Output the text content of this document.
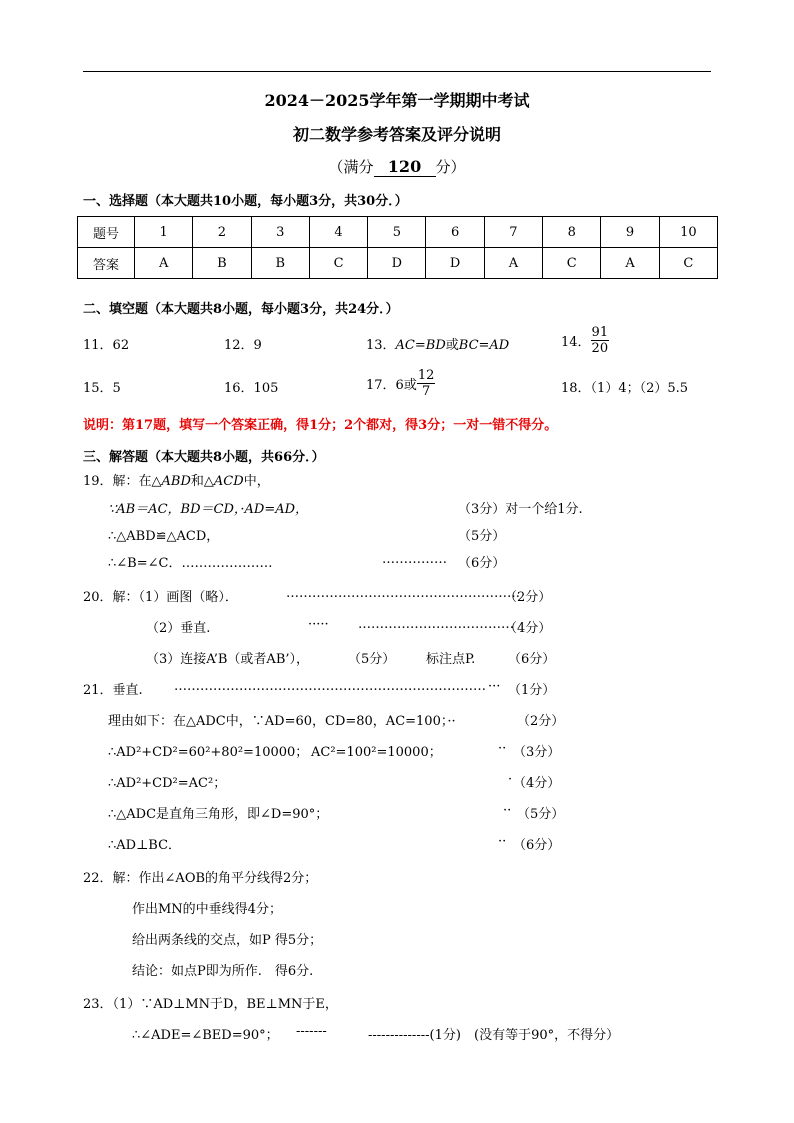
2024－2025学年第一学期期中考试
初二数学参考答案及评分说明
（满分 120 分）
一、选择题（本大题共10小题，每小题3分，共30分．）
题号	1	2	3	4	5	6	7	8	9	10
答案	A	B	B	C	D	D	A	C	A	C
二、填空题（本大题共8小题，每小题3分，共24分．）
11．62	12．9	13．AC=BD或BC=AD	14． $\frac{91}{20}$
15．5	16．105	17．6或 $\frac{12}{7}$	18．（1）4；（2）5.5
说明：第17题，填写一个答案正确，得1分；2个都对，得3分；一对一错不得分。
三、解答题（本大题共8小题，共66分．）
19．解：在△ABD和△ACD中，
∵AB＝AC，BD＝CD，·AD=AD，	（3分）对一个给1分.
∴△ABD≌△ACD，	（5分）
∴∠B=∠C．…………………	…………… （6分）
20．解：（1）画图（略）．	………………………………………………
（2分）
（2）垂直.	····· ………………………………
（4分）
（3）连接A’B（或者AB’），	（5分） 标注点P.	（6分）
21．垂直. ……………………………………………………………… ··· （1分）
理由如下：在△ADC中，∵AD=60，CD=80，AC=100；··	（2分）
∴AD²+CD²=60²+80²=10000； AC²=100²=10000；	·· （3分）
∴AD²+CD²=AC²；	· （4分）
∴△ADC是直角三角形，即∠D=90°；	·· （5分）
∴AD⊥BC．	·· （6分）
22．解：作出∠AOB的角平分线得2分；
作出MN的中垂线得4分；
给出两条线的交点，如P 得5分；
结论：如点P即为所作.　得6分.
23．（1）∵AD⊥MN于D，BE⊥MN于E，
∴∠ADE=∠BED=90°； -------	--------------(1分) (没有等于90°，不得分）
